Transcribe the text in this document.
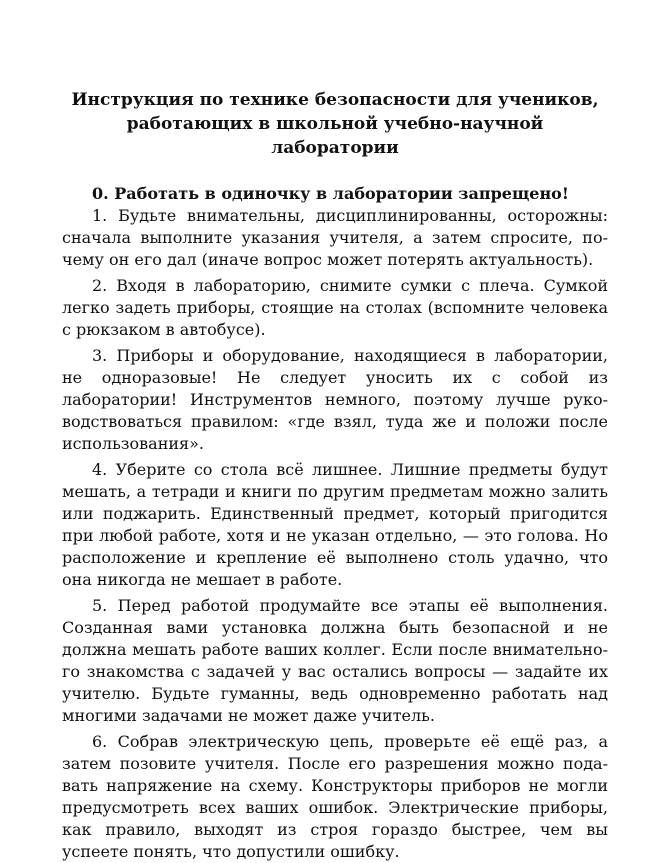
Инструкция по технике безопасности для учеников,
работающих в школьной учебно-научной лаборатории

0. Работать в одиночку в лаборатории запрещено!

1. Будьте внимательны, дисциплинированны, осторожны: сначала выполните указания учителя, а затем спросите, почему он его дал (иначе вопрос может потерять актуальность).

2. Входя в лабораторию, снимите сумки с плеча. Сумкой легко задеть приборы, стоящие на столах (вспомните человека с рюкзаком в автобусе).

3. Приборы и оборудование, находящиеся в лаборатории, не одноразовые! Не следует уносить их с собой из лаборатории! Инструментов немного, поэтому лучше руководствоваться правилом: «где взял, туда же и положи после использования».

4. Уберите со стола всё лишнее. Лишние предметы будут мешать, а тетради и книги по другим предметам можно залить или поджарить. Единственный предмет, который пригодится при любой работе, хотя и не указан отдельно, — это голова. Но расположение и крепление её выполнено столь удачно, что она никогда не мешает в работе.

5. Перед работой продумайте все этапы её выполнения. Созданная вами установка должна быть безопасной и не должна мешать работе ваших коллег. Если после внимательного знакомства с задачей у вас остались вопросы — задайте их учителю. Будьте гуманны, ведь одновременно работать над многими задачами не может даже учитель.

6. Собрав электрическую цепь, проверьте её ещё раз, а затем позовите учителя. После его разрешения можно подавать напряжение на схему. Конструкторы приборов не могли предусмотреть всех ваших ошибок. Электрические приборы, как правило, выходят из строя гораздо быстрее, чем вы успеете понять, что допустили ошибку.
